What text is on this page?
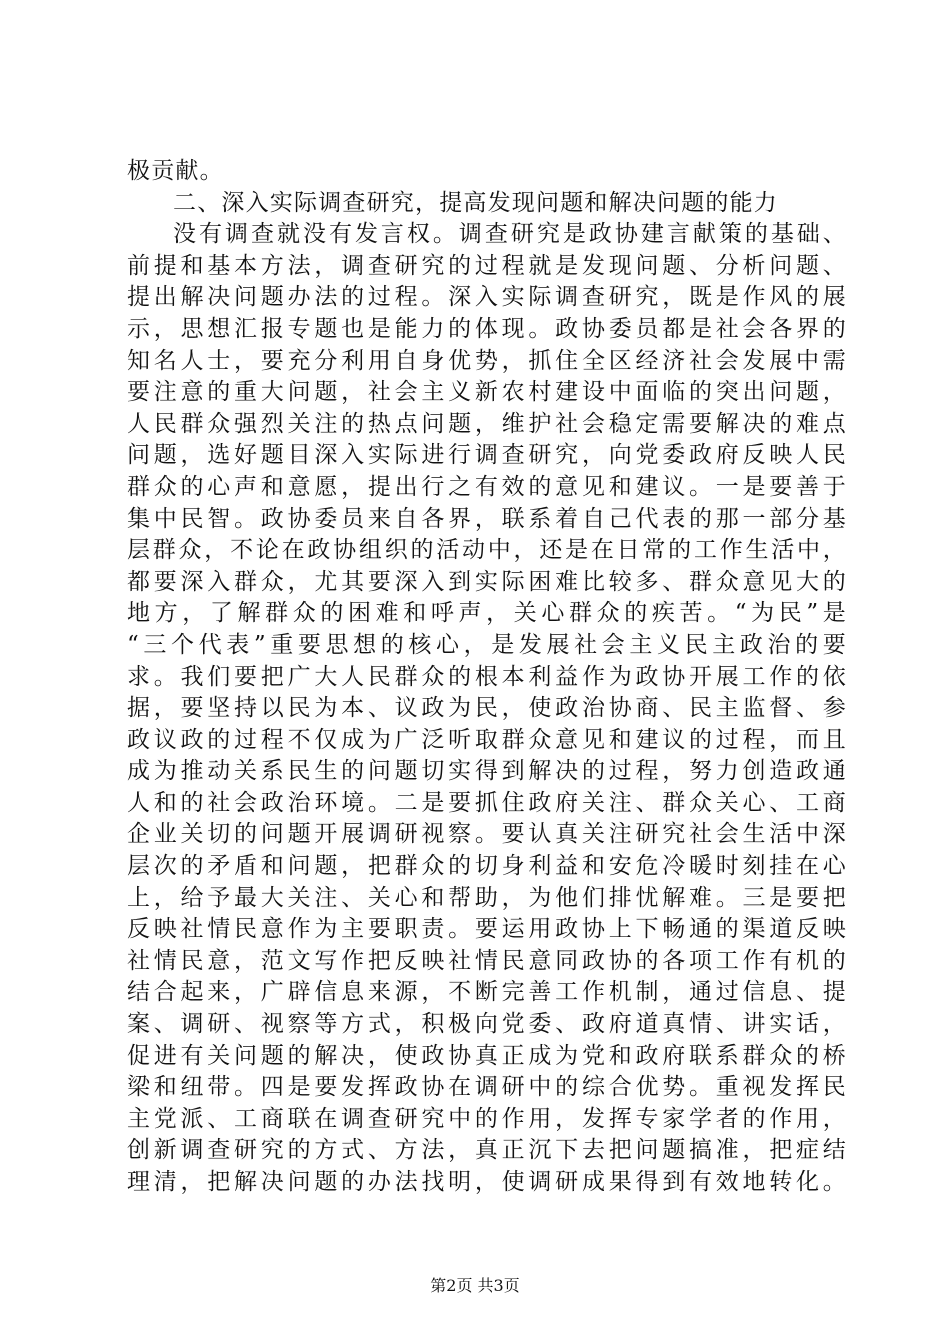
极贡献。
二、深入实际调查研究，提高发现问题和解决问题的能力
没有调查就没有发言权。调查研究是政协建言献策的基础、
前提和基本方法，调查研究的过程就是发现问题、分析问题、
提出解决问题办法的过程。深入实际调查研究，既是作风的展
示，思想汇报专题也是能力的体现。政协委员都是社会各界的
知名人士，要充分利用自身优势，抓住全区经济社会发展中需
要注意的重大问题，社会主义新农村建设中面临的突出问题，
人民群众强烈关注的热点问题，维护社会稳定需要解决的难点
问题，选好题目深入实际进行调查研究，向党委政府反映人民
群众的心声和意愿，提出行之有效的意见和建议。一是要善于
集中民智。政协委员来自各界，联系着自己代表的那一部分基
层群众，不论在政协组织的活动中，还是在日常的工作生活中，
都要深入群众，尤其要深入到实际困难比较多、群众意见大的
地方，了解群众的困难和呼声，关心群众的疾苦。“为民”是
“三个代表”重要思想的核心，是发展社会主义民主政治的要
求。我们要把广大人民群众的根本利益作为政协开展工作的依
据，要坚持以民为本、议政为民，使政治协商、民主监督、参
政议政的过程不仅成为广泛听取群众意见和建议的过程，而且
成为推动关系民生的问题切实得到解决的过程，努力创造政通
人和的社会政治环境。二是要抓住政府关注、群众关心、工商
企业关切的问题开展调研视察。要认真关注研究社会生活中深
层次的矛盾和问题，把群众的切身利益和安危冷暖时刻挂在心
上，给予最大关注、关心和帮助，为他们排忧解难。三是要把
反映社情民意作为主要职责。要运用政协上下畅通的渠道反映
社情民意，范文写作把反映社情民意同政协的各项工作有机的
结合起来，广辟信息来源，不断完善工作机制，通过信息、提
案、调研、视察等方式，积极向党委、政府道真情、讲实话，
促进有关问题的解决，使政协真正成为党和政府联系群众的桥
梁和纽带。四是要发挥政协在调研中的综合优势。重视发挥民
主党派、工商联在调查研究中的作用，发挥专家学者的作用，
创新调查研究的方式、方法，真正沉下去把问题搞准，把症结
理清，把解决问题的办法找明，使调研成果得到有效地转化。
第2页 共3页
